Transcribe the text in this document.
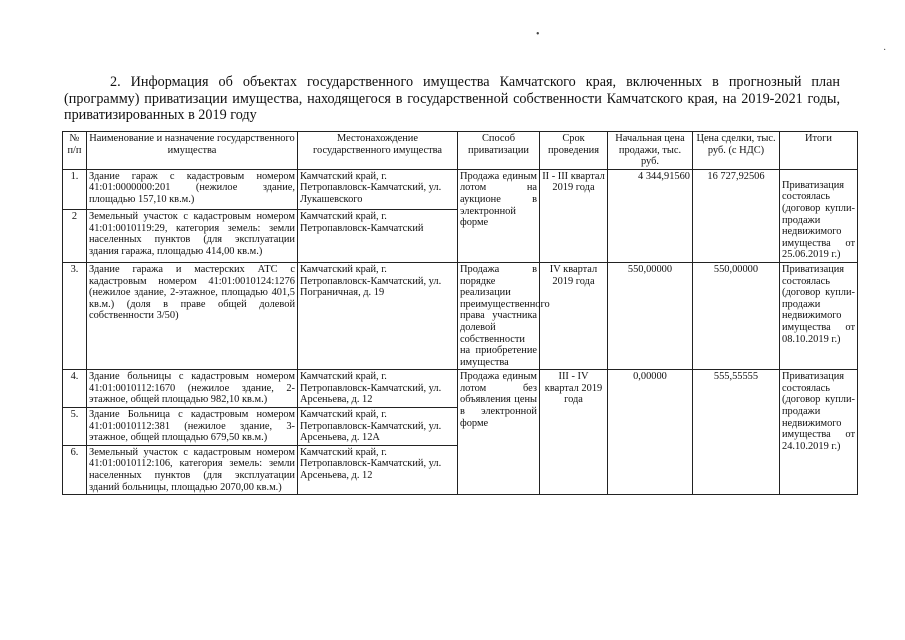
•
·
2. Информация об объектах государственного имущества Камчатского края, включенных в прогнозный план (программу) приватизации имущества, находящегося в государственной собственности Камчатского края, на 2019-2021 годы, приватизированных в 2019 году
№ п/п	Наименование и назначение государственного имущества	Местонахождение государственного имущества	Способ приватизации	Срок проведения	Начальная цена продажи, тыс. руб.	Цена сделки, тыс. руб. (с НДС)	Итоги
1.	Здание гараж с кадастровым номером 41:01:0000000:201 (нежилое здание, площадью 157,10 кв.м.)	Камчатский край, г. Петропавловск-Камчатский, ул. Лукашевского	Продажа единым лотом на аукционе в электронной форме	II - III квартал 2019 года	4 344,91560	16 727,92506	Приватизация состоялась (договор купли-продажи недвижимого имущества от 25.06.2019 г.)
2	Земельный участок с кадастровым номером 41:01:0010119:29, категория земель: земли населенных пунктов (для эксплуатации здания гаража, площадью 414,00 кв.м.)	Камчатский край, г. Петропавловск-Камчатский					
3.	Здание гаража и мастерских АТС с кадастровым номером 41:01:0010124:1276 (нежилое здание, 2-этажное, площадью 401,5 кв.м.) (доля в праве общей долевой собственности 3/50)	Камчатский край, г. Петропавловск-Камчатский, ул. Пограничная, д. 19	Продажа в порядке реализации преимущественного права участника долевой собственности на приобретение имущества	IV квартал 2019 года	550,00000	550,00000	Приватизация состоялась (договор купли-продажи недвижимого имущества от 08.10.2019 г.)
4.	Здание больницы с кадастровым номером 41:01:0010112:1670 (нежилое здание, 2-этажное, общей площадью 982,10 кв.м.)	Камчатский край, г. Петропавловск-Камчатский, ул. Арсеньева, д. 12	Продажа единым лотом без объявления цены в электронной форме	III - IV квартал 2019 года	0,00000	555,55555	Приватизация состоялась (договор купли-продажи недвижимого имущества от 24.10.2019 г.)
5.	Здание Больница с кадастровым номером 41:01:0010112:381 (нежилое здание, 3-этажное, общей площадью 679,50 кв.м.)	Камчатский край, г. Петропавловск-Камчатский, ул. Арсеньева, д. 12А					
6.	Земельный участок с кадастровым номером 41:01:0010112:106, категория земель: земли населенных пунктов (для эксплуатации зданий больницы, площадью 2070,00 кв.м.)	Камчатский край, г. Петропавловск-Камчатский, ул. Арсеньева, д. 12					
